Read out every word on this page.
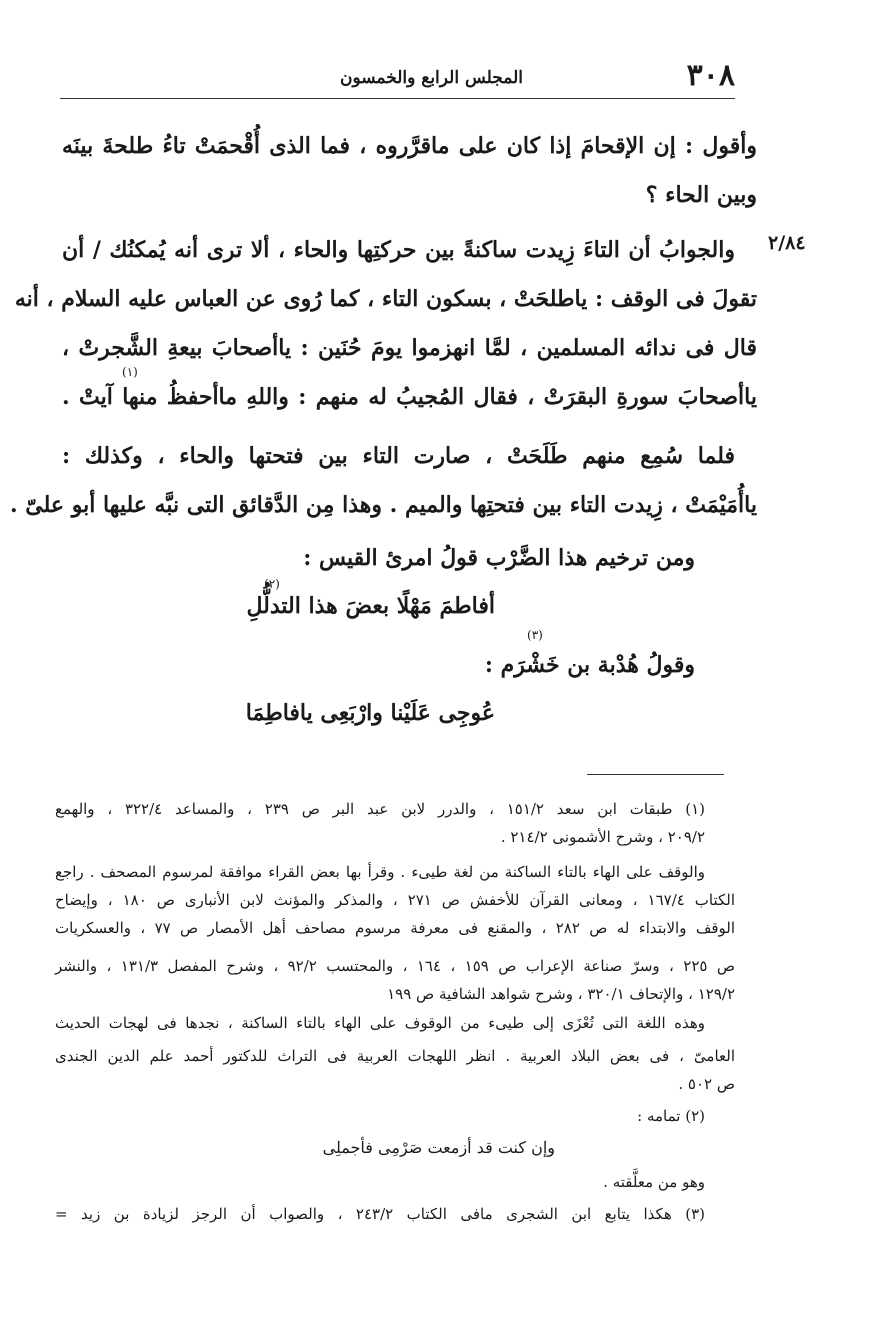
٣٠٨
المجلس الرابع والخمسون
٢/٨٤
وأقول : إن الإقحامَ إذا كان على ماقرَّروه ، فما الذى أُقْحمَتْ تاءُ طلحةَ بينَه
وبين الحاء ؟
والجوابُ أن التاءَ زِيدت ساكنةً بين حركتِها والحاء ، ألا ترى أنه يُمكنُك / أن
تقولَ فى الوقف : ياطلحَتْ ، بسكون التاء ، كما رُوى عن العباس عليه السلام ، أنه
قال فى ندائه المسلمين ، لمَّا انهزموا يومَ حُنَين : ياأصحابَ بيعةِ الشَّجرتْ ،
ياأصحابَ سورةِ البقرَتْ ، فقال المُجيبُ له منهم : واللهِ ماأحفظُ منها آيتْ .
(١)
فلما سُمِع منهم طَلَحَتْ ، صارت التاء بين فتحتها والحاء ، وكذلك :
ياأُمَيْمَتْ ، زِيدت التاء بين فتحتِها والميم . وهذا مِن الدَّقائق التى نبَّه عليها أبو علىّ .
ومن ترخيم هذا الضَّرْب قولُ امرئ القيس :
أفاطمَ مَهْلًا بعضَ هذا التدلُّلِ
(٢)
وقولُ هُدْبة بن خَشْرَم :
(٣)
عُوجِى عَلَيْنا وارْبَعِى يافاطِمَا
(١) طبقات ابن سعد ١٥١/٢ ، والدرر لابن عبد البر ص ٢٣٩ ، والمساعد ٣٢٢/٤ ، والهمع
٢٠٩/٢ ، وشرح الأشمونى ٢١٤/٢ .
والوقف على الهاء بالتاء الساكنة من لغة طيىء . وقرأ بها بعض القراء موافقة لمرسوم المصحف . راجع
الكتاب ١٦٧/٤ ، ومعانى القرآن للأخفش ص ٢٧١ ، والمذكر والمؤنث لابن الأنبارى ص ١٨٠ ، وإيضاح
الوقف والابتداء له ص ٢٨٢ ، والمقنع فى معرفة مرسوم مصاحف أهل الأمصار ص ٧٧ ، والعسكريات
ص ٢٢٥ ، وسرّ صناعة الإعراب ص ١٥٩ ، ١٦٤ ، والمحتسب ٩٢/٢ ، وشرح المفصل ١٣١/٣ ، والنشر
١٢٩/٢ ، والإتحاف ٣٢٠/١ ، وشرح شواهد الشافية ص ١٩٩
وهذه اللغة التى تُعْزَى إلى طيىء من الوقوف على الهاء بالتاء الساكنة ، نجدها فى لهجات الحديث
العامىّ ، فى بعض البلاد العربية . انظر اللهجات العربية فى التراث للدكتور أحمد علم الدين الجندى
ص ٥٠٢ .
(٢) تمامه :
وإن كنت قد أزمعت صَرْمِى فأجملِى
وهو من معلَّقته .
(٣) هكذا يتابع ابن الشجرى مافى الكتاب ٢٤٣/٢ ، والصواب أن الرجز لزيادة بن زيد =
